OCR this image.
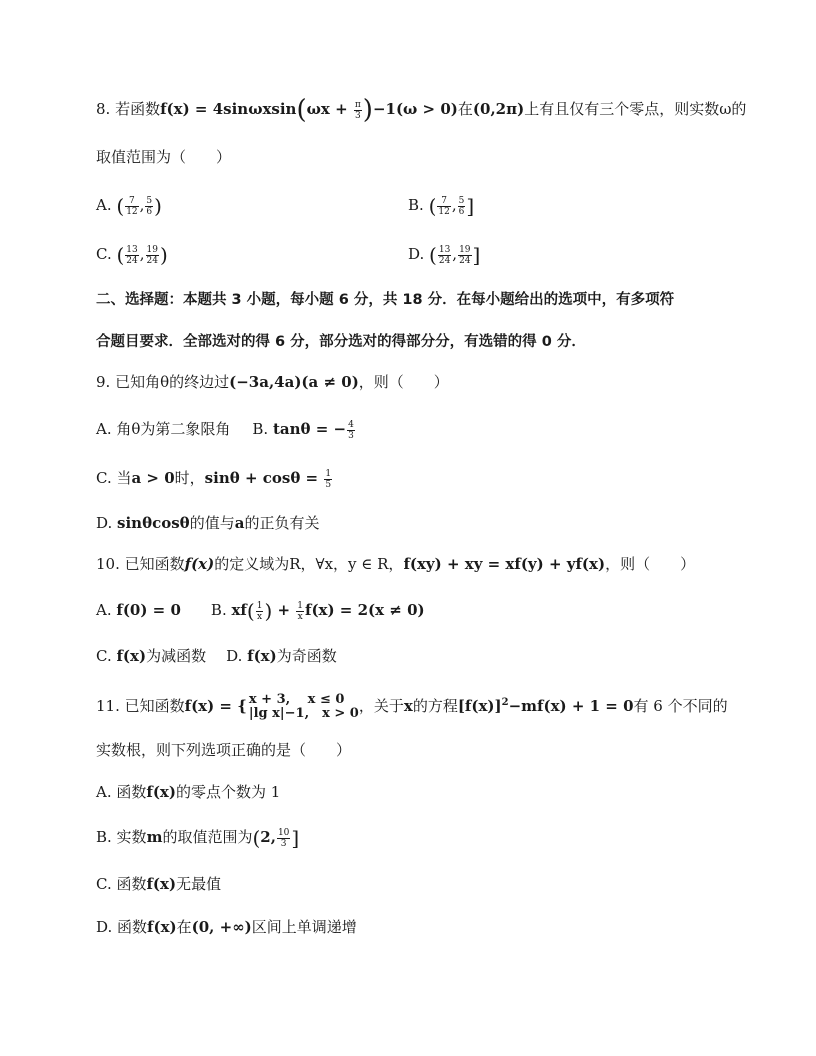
8. 若函数$f(x) = 4\sin\omega xsin(\omega x + \frac{\pi}{3} )-1(\omega > 0)$在(0,2π)上有且仅有三个零点，则实数ω的
取值范围为（　　）
A. ( $\frac{7}{12}$ , $\frac{5}{6}$ )	B. ( $\frac{7}{12}$ , $\frac{5}{6}$ ]
C. ( $\frac{13}{24}$ , $\frac{19}{24}$ )	D. ( $\frac{13}{24}$ , $\frac{19}{24}$ ]
二、选择题：本题共 3 小题，每小题 6 分，共 18 分．在每小题给出的选项中，有多项符
合题目要求．全部选对的得 6 分，部分选对的得部分分，有选错的得 0 分．
9. 已知角θ的终边过(−3a,4a)(a ≠ 0)，则（　　）
A. 角θ为第二象限角 B. tanθ = − $\frac{4}{3}$
C. 当a > 0时，$\sin\theta + \cos\theta = \frac{1}{5}$
D. sinθcosθ的值与a的正负有关
10. 已知函数f(x)的定义域为R，∀x，y ∈ R，f(xy) + xy = xf(y) + yf(x)，则（　　）
A. f(0) = 0 B. $xf( \frac{1}{x}$ ) + $\frac{1}{x} f(x) = 2(x \ne 0)$
C. f(x)为减函数 D. f(x)为奇函数
11. 已知函数f(x) = { x + 3,　 x ≤ 0
|lg x|−1,　x > 0 ，关于x的方程$[f(x)]^2-mf(x) + 1 = 0$有 6 个不同的
实数根，则下列选项正确的是（　　）
A. 函数f(x)的零点个数为 1
B. 实数m的取值范围为(2, $\frac{10}{3}$ ]
C. 函数f(x)无最值
D. 函数f(x)在(0, +∞)区间上单调递增
